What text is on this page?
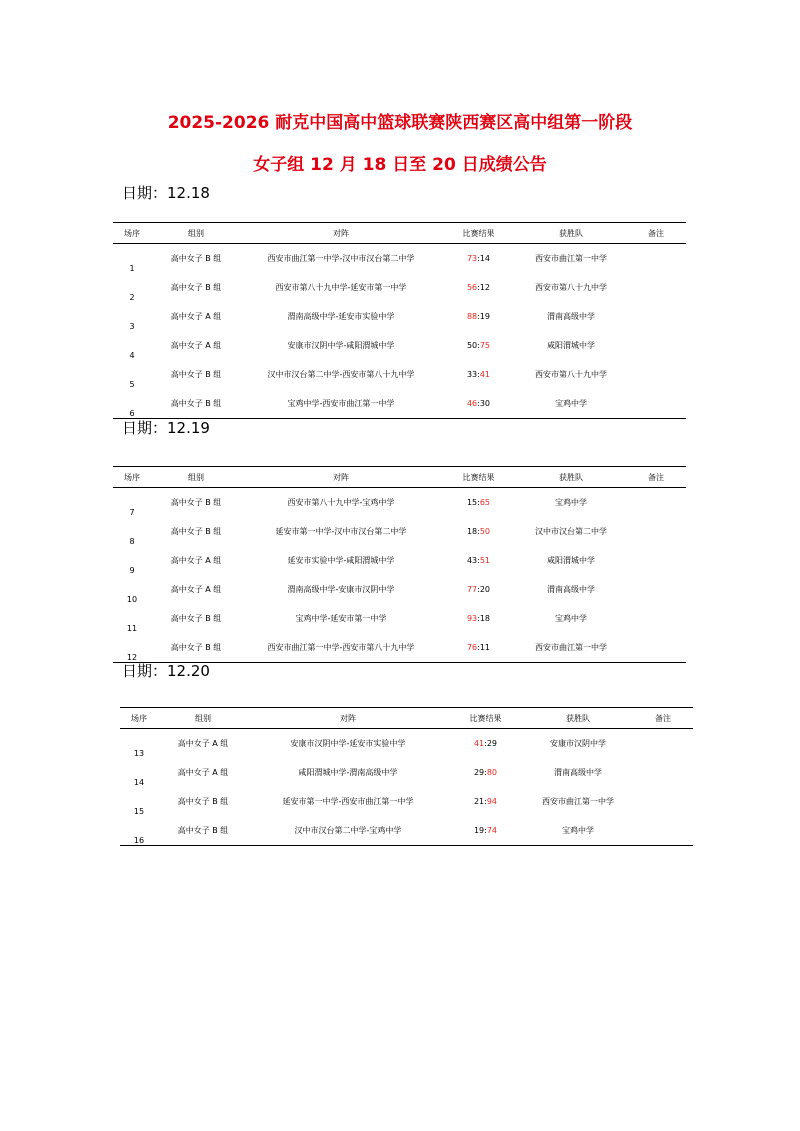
2025-2026 耐克中国高中篮球联赛陕西赛区高中组第一阶段
女子组 12 月 18 日至 20 日成绩公告
日期：12.18
场序	组别	对阵	比赛结果	获胜队	备注
1	高中女子 B 组	西安市曲江第一中学-汉中市汉台第二中学	73:14	西安市曲江第一中学	
2	高中女子 B 组	西安市第八十九中学-延安市第一中学	56:12	西安市第八十九中学	
3	高中女子 A 组	渭南高级中学-延安市实验中学	88:19	渭南高级中学	
4	高中女子 A 组	安康市汉阴中学-咸阳渭城中学	50:75	咸阳渭城中学	
5	高中女子 B 组	汉中市汉台第二中学-西安市第八十九中学	33:41	西安市第八十九中学	
6	高中女子 B 组	宝鸡中学-西安市曲江第一中学	46:30	宝鸡中学	
日期：12.19
场序	组别	对阵	比赛结果	获胜队	备注
7	高中女子 B 组	西安市第八十九中学-宝鸡中学	15:65	宝鸡中学	
8	高中女子 B 组	延安市第一中学-汉中市汉台第二中学	18:50	汉中市汉台第二中学	
9	高中女子 A 组	延安市实验中学-咸阳渭城中学	43:51	咸阳渭城中学	
10	高中女子 A 组	渭南高级中学-安康市汉阴中学	77:20	渭南高级中学	
11	高中女子 B 组	宝鸡中学-延安市第一中学	93:18	宝鸡中学	
12	高中女子 B 组	西安市曲江第一中学-西安市第八十九中学	76:11	西安市曲江第一中学	
日期：12.20
场序	组别	对阵	比赛结果	获胜队	备注
13	高中女子 A 组	安康市汉阴中学-延安市实验中学	41:29	安康市汉阴中学	
14	高中女子 A 组	咸阳渭城中学-渭南高级中学	29:80	渭南高级中学	
15	高中女子 B 组	延安市第一中学-西安市曲江第一中学	21:94	西安市曲江第一中学	
16	高中女子 B 组	汉中市汉台第二中学-宝鸡中学	19:74	宝鸡中学	
